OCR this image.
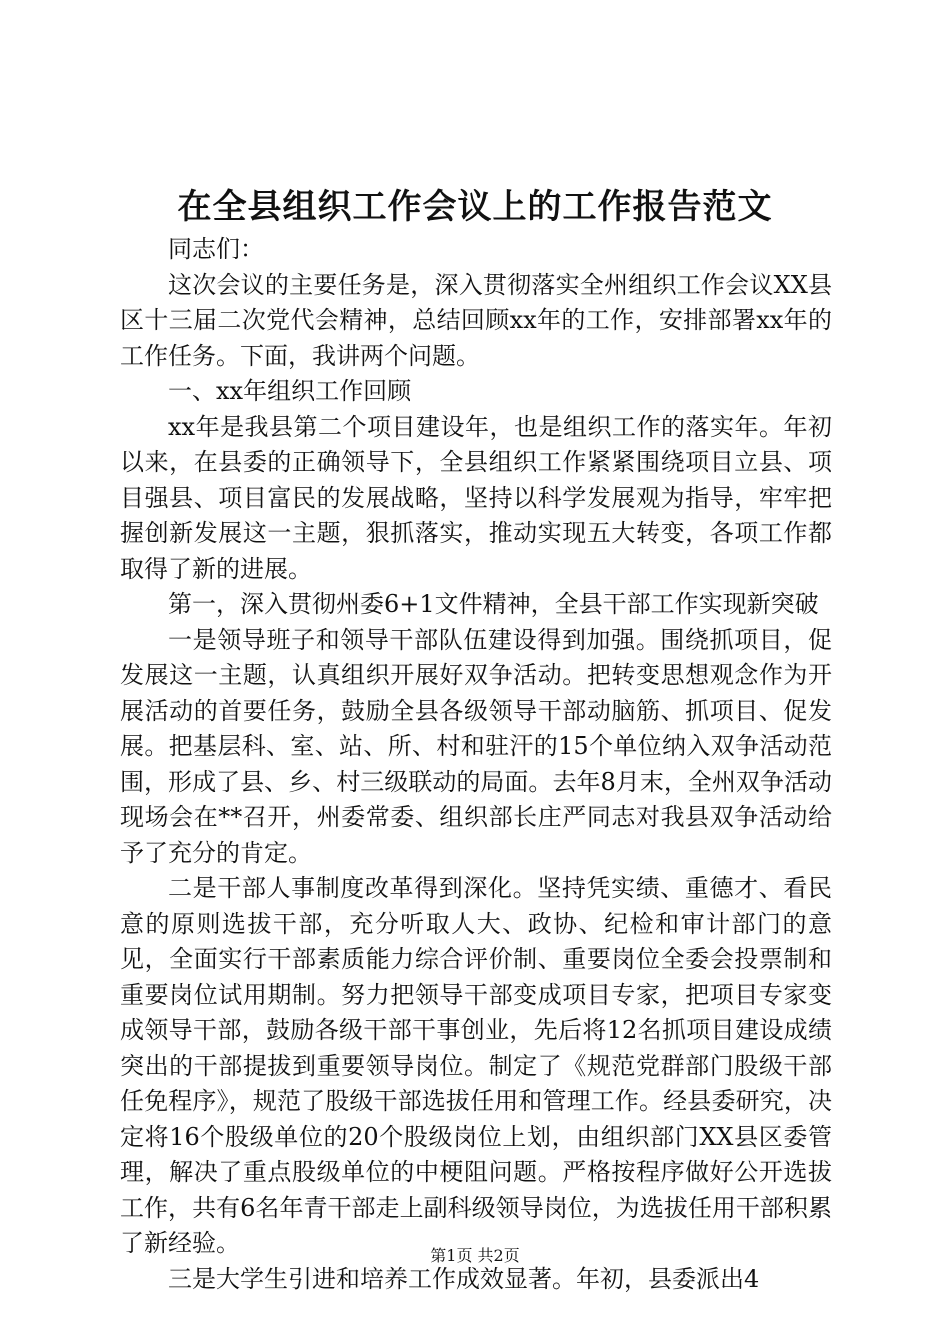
在全县组织工作会议上的工作报告范文

同志们：

这次会议的主要任务是，深入贯彻落实全州组织工作会议XX县区十三届二次党代会精神，总结回顾xx年的工作，安排部署xx年的工作任务。下面，我讲两个问题。

一、xx年组织工作回顾

xx年是我县第二个项目建设年，也是组织工作的落实年。年初以来，在县委的正确领导下，全县组织工作紧紧围绕项目立县、项目强县、项目富民的发展战略，坚持以科学发展观为指导，牢牢把握创新发展这一主题，狠抓落实，推动实现五大转变，各项工作都取得了新的进展。

第一，深入贯彻州委6+1文件精神，全县干部工作实现新突破

一是领导班子和领导干部队伍建设得到加强。围绕抓项目，促发展这一主题，认真组织开展好双争活动。把转变思想观念作为开展活动的首要任务，鼓励全县各级领导干部动脑筋、抓项目、促发展。把基层科、室、站、所、村和驻汗的15个单位纳入双争活动范围，形成了县、乡、村三级联动的局面。去年8月末，全州双争活动现场会在**召开，州委常委、组织部长庄严同志对我县双争活动给予了充分的肯定。

二是干部人事制度改革得到深化。坚持凭实绩、重德才、看民意的原则选拔干部，充分听取人大、政协、纪检和审计部门的意见，全面实行干部素质能力综合评价制、重要岗位全委会投票制和重要岗位试用期制。努力把领导干部变成项目专家，把项目专家变成领导干部，鼓励各级干部干事创业，先后将12名抓项目建设成绩突出的干部提拔到重要领导岗位。制定了《规范党群部门股级干部任免程序》，规范了股级干部选拔任用和管理工作。经县委研究，决定将16个股级单位的20个股级岗位上划，由组织部门XX县区委管理，解决了重点股级单位的中梗阻问题。严格按程序做好公开选拔工作，共有6名年青干部走上副科级领导岗位，为选拔任用干部积累了新经验。

三是大学生引进和培养工作成效显著。年初，县委派出4

第1页 共2页
